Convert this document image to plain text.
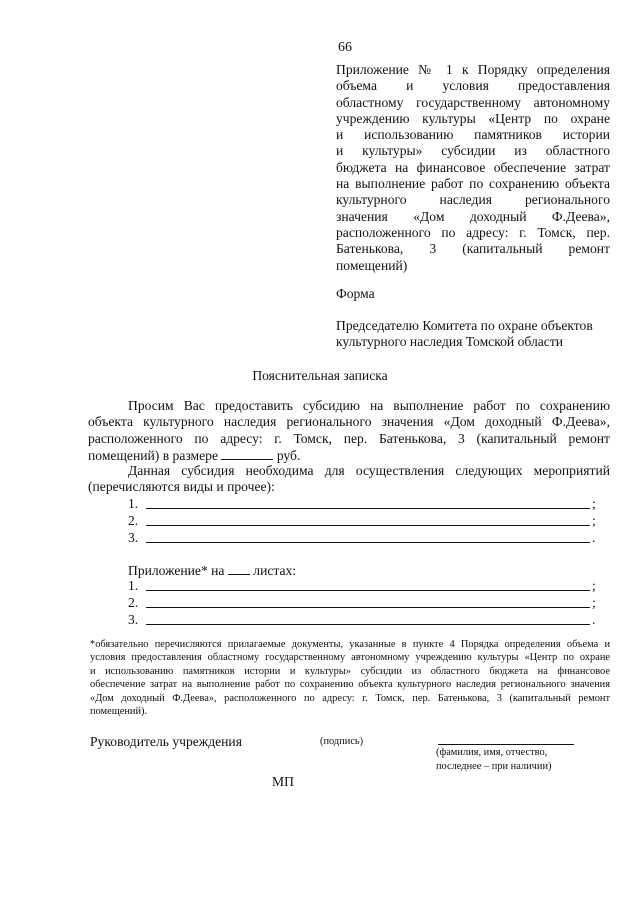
66
Приложение № 1 к Порядку определения
объема и условия предоставления
областному государственному автономному
учреждению культуры «Центр по охране
и использованию памятников истории
и культуры» субсидии из областного
бюджета на финансовое обеспечение затрат
на выполнение работ по сохранению объекта
культурного наследия регионального
значения «Дом доходный Ф.Деева»,
расположенного по адресу: г. Томск, пер.
Батенькова, 3 (капитальный ремонт
помещений)
Форма
Председателю Комитета по охране объектов
культурного наследия Томской области
Пояснительная записка
Просим Вас предоставить субсидию на выполнение работ по сохранению
объекта культурного наследия регионального значения «Дом доходный Ф.Деева»,
расположенного по адресу: г. Томск, пер. Батенькова, 3 (капитальный ремонт
помещений) в размере	руб.
Данная субсидия необходима для осуществления следующих мероприятий
(перечисляются виды и прочее):
1.	;
2.	;
3.	.
Приложение* на листах:
1.	;
2.	;
3.	.
*обязательно перечисляются прилагаемые документы, указанные в пункте 4 Порядка определения объема и
условия предоставления областному государственному автономному учреждению культуры «Центр по охране
и использованию памятников истории и культуры» субсидии из областного бюджета на финансовое
обеспечение затрат на выполнение работ по сохранению объекта культурного наследия регионального значения
«Дом доходный Ф.Деева», расположенного по адресу: г. Томск, пер. Батенькова, 3 (капитальный ремонт
помещений).
Руководитель учреждения	(подпись)
(фамилия, имя, отчество,
последнее – при наличии)
МП
